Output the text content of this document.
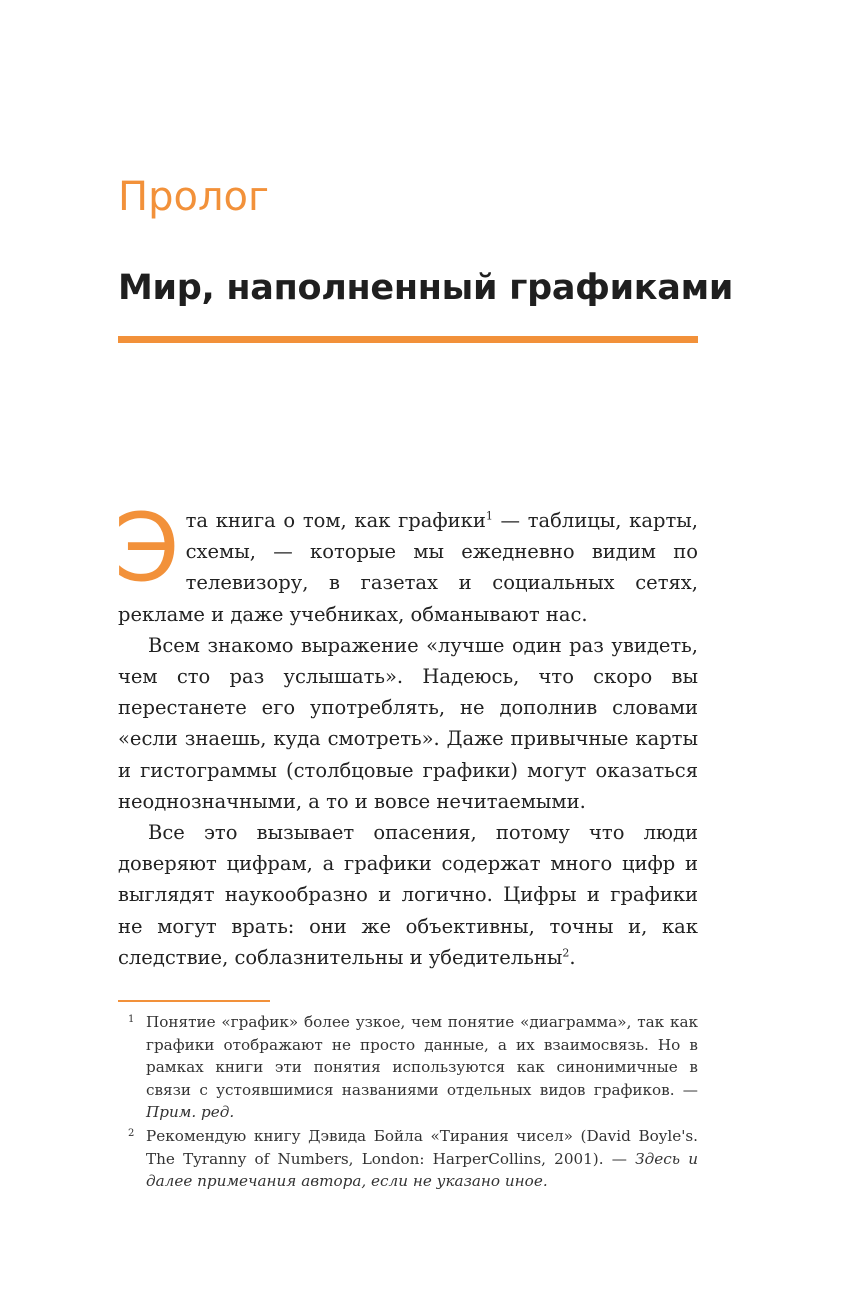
Пролог
Мир, наполненный графиками

Эта книга о том, как графики$^1$ — таблицы, карты, схемы, — которые мы ежедневно видим по телевизору, в газетах и социальных сетях, рекламе и даже учебниках, обманывают нас.

Всем знакомо выражение «лучше один раз увидеть, чем сто раз услышать». Надеюсь, что скоро вы перестанете его употреблять, не дополнив словами «если знаешь, куда смотреть». Даже привычные карты и гистограммы (столбцовые графики) могут оказаться неоднозначными, а то и вовсе нечитаемыми.

Все это вызывает опасения, потому что люди доверяют цифрам, а графики содержат много цифр и выглядят наукообразно и логично. Цифры и графики не могут врать: они же объективны, точны и, как следствие, соблазнительны и убедительны$^2$.

1 Понятие «график» более узкое, чем понятие «диаграмма», так как графики отображают не просто данные, а их взаимосвязь. Но в рамках книги эти понятия используются как синонимичные в связи с устоявшимися названиями отдельных видов графиков. — Прим. ред.

2 Рекомендую книгу Дэвида Бойла «Тирания чисел» (David Boyle's. The Tyranny of Numbers, London: HarperCollins, 2001). — Здесь и далее примечания автора, если не указано иное.
